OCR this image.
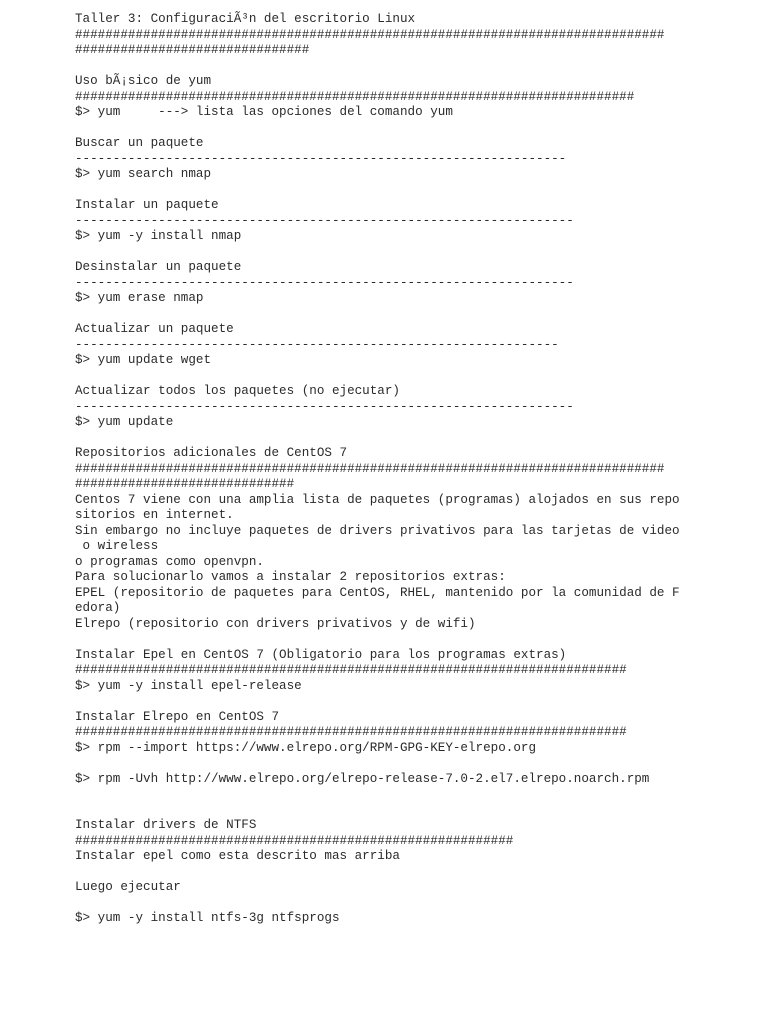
Taller 3: ConfiguraciÃ³n del escritorio Linux
##############################################################################
###############################
Uso bÃ¡sico de yum
##########################################################################
$> yum     ---> lista las opciones del comando yum
Buscar un paquete
-----------------------------------------------------------------
$> yum search nmap
Instalar un paquete
------------------------------------------------------------------
$> yum -y install nmap
Desinstalar un paquete
------------------------------------------------------------------
$> yum erase nmap
Actualizar un paquete
----------------------------------------------------------------
$> yum update wget
Actualizar todos los paquetes (no ejecutar)
------------------------------------------------------------------
$> yum update
Repositorios adicionales de CentOS 7
##############################################################################
#############################
Centos 7 viene con una amplia lista de paquetes (programas) alojados en sus repo
sitorios en internet.
Sin embargo no incluye paquetes de drivers privativos para las tarjetas de video
o wireless
o programas como openvpn.
Para solucionarlo vamos a instalar 2 repositorios extras:
EPEL (repositorio de paquetes para CentOS, RHEL, mantenido por la comunidad de F
edora)
Elrepo (repositorio con drivers privativos y de wifi)
Instalar Epel en CentOS 7 (Obligatorio para los programas extras)
#########################################################################
$> yum -y install epel-release
Instalar Elrepo en CentOS 7
#########################################################################
$> rpm --import https://www.elrepo.org/RPM-GPG-KEY-elrepo.org
$> rpm -Uvh http://www.elrepo.org/elrepo-release-7.0-2.el7.elrepo.noarch.rpm
Instalar drivers de NTFS
##########################################################
Instalar epel como esta descrito mas arriba
Luego ejecutar
$> yum -y install ntfs-3g ntfsprogs
